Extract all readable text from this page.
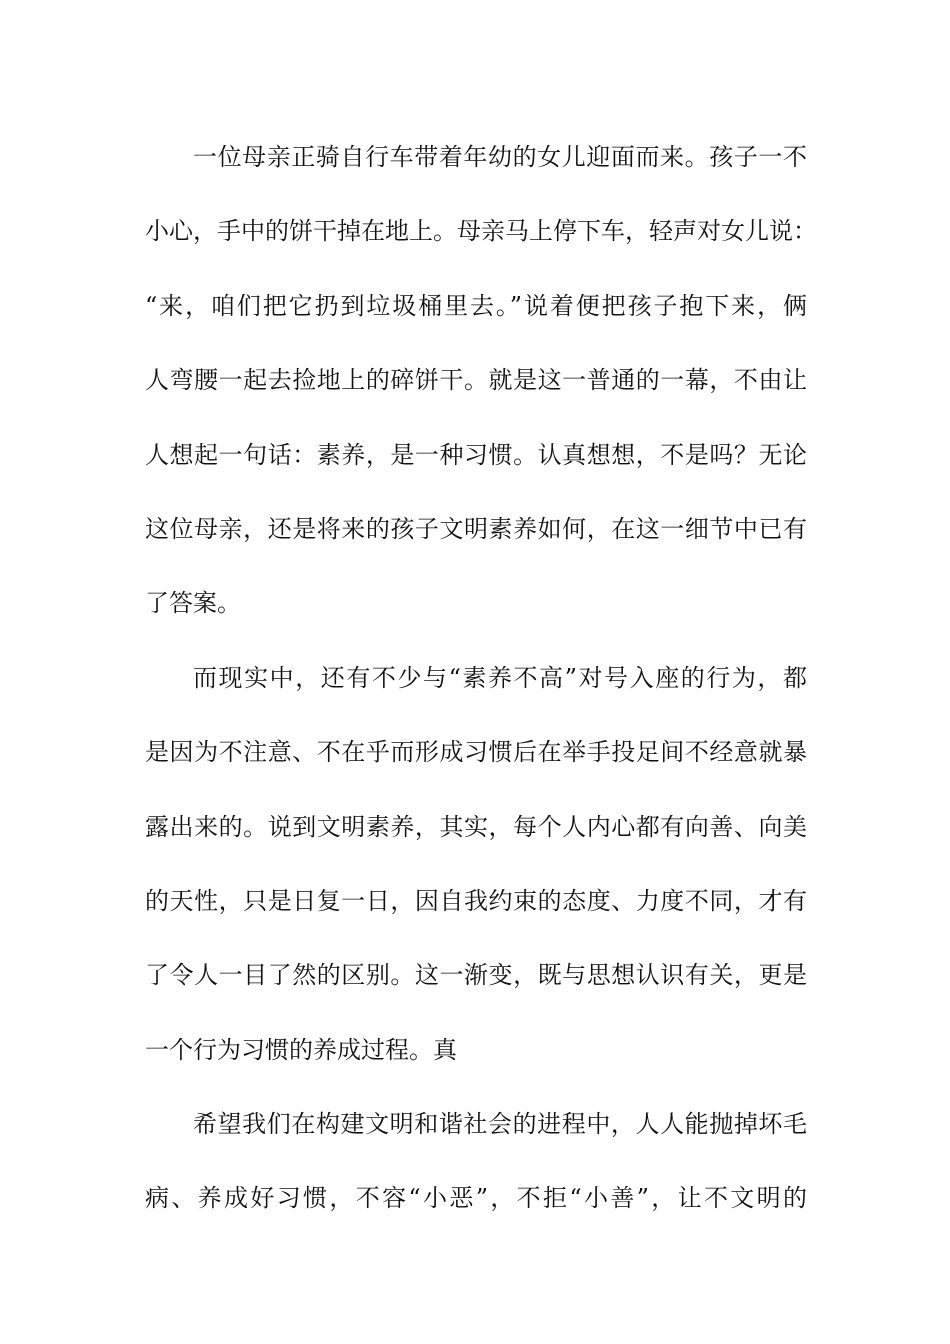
一位母亲正骑自行车带着年幼的女儿迎面而来。孩子一不
小心，手中的饼干掉在地上。母亲马上停下车，轻声对女儿说：
“来，咱们把它扔到垃圾桶里去。”说着便把孩子抱下来，俩
人弯腰一起去捡地上的碎饼干。就是这一普通的一幕，不由让
人想起一句话：素养，是一种习惯。认真想想，不是吗？无论
这位母亲，还是将来的孩子文明素养如何，在这一细节中已有
了答案。
而现实中，还有不少与“素养不高”对号入座的行为，都
是因为不注意、不在乎而形成习惯后在举手投足间不经意就暴
露出来的。说到文明素养，其实，每个人内心都有向善、向美
的天性，只是日复一日，因自我约束的态度、力度不同，才有
了令人一目了然的区别。这一渐变，既与思想认识有关，更是
一个行为习惯的养成过程。真
希望我们在构建文明和谐社会的进程中，人人能抛掉坏毛
病、养成好习惯，不容“小恶”，不拒“小善”，让不文明的
